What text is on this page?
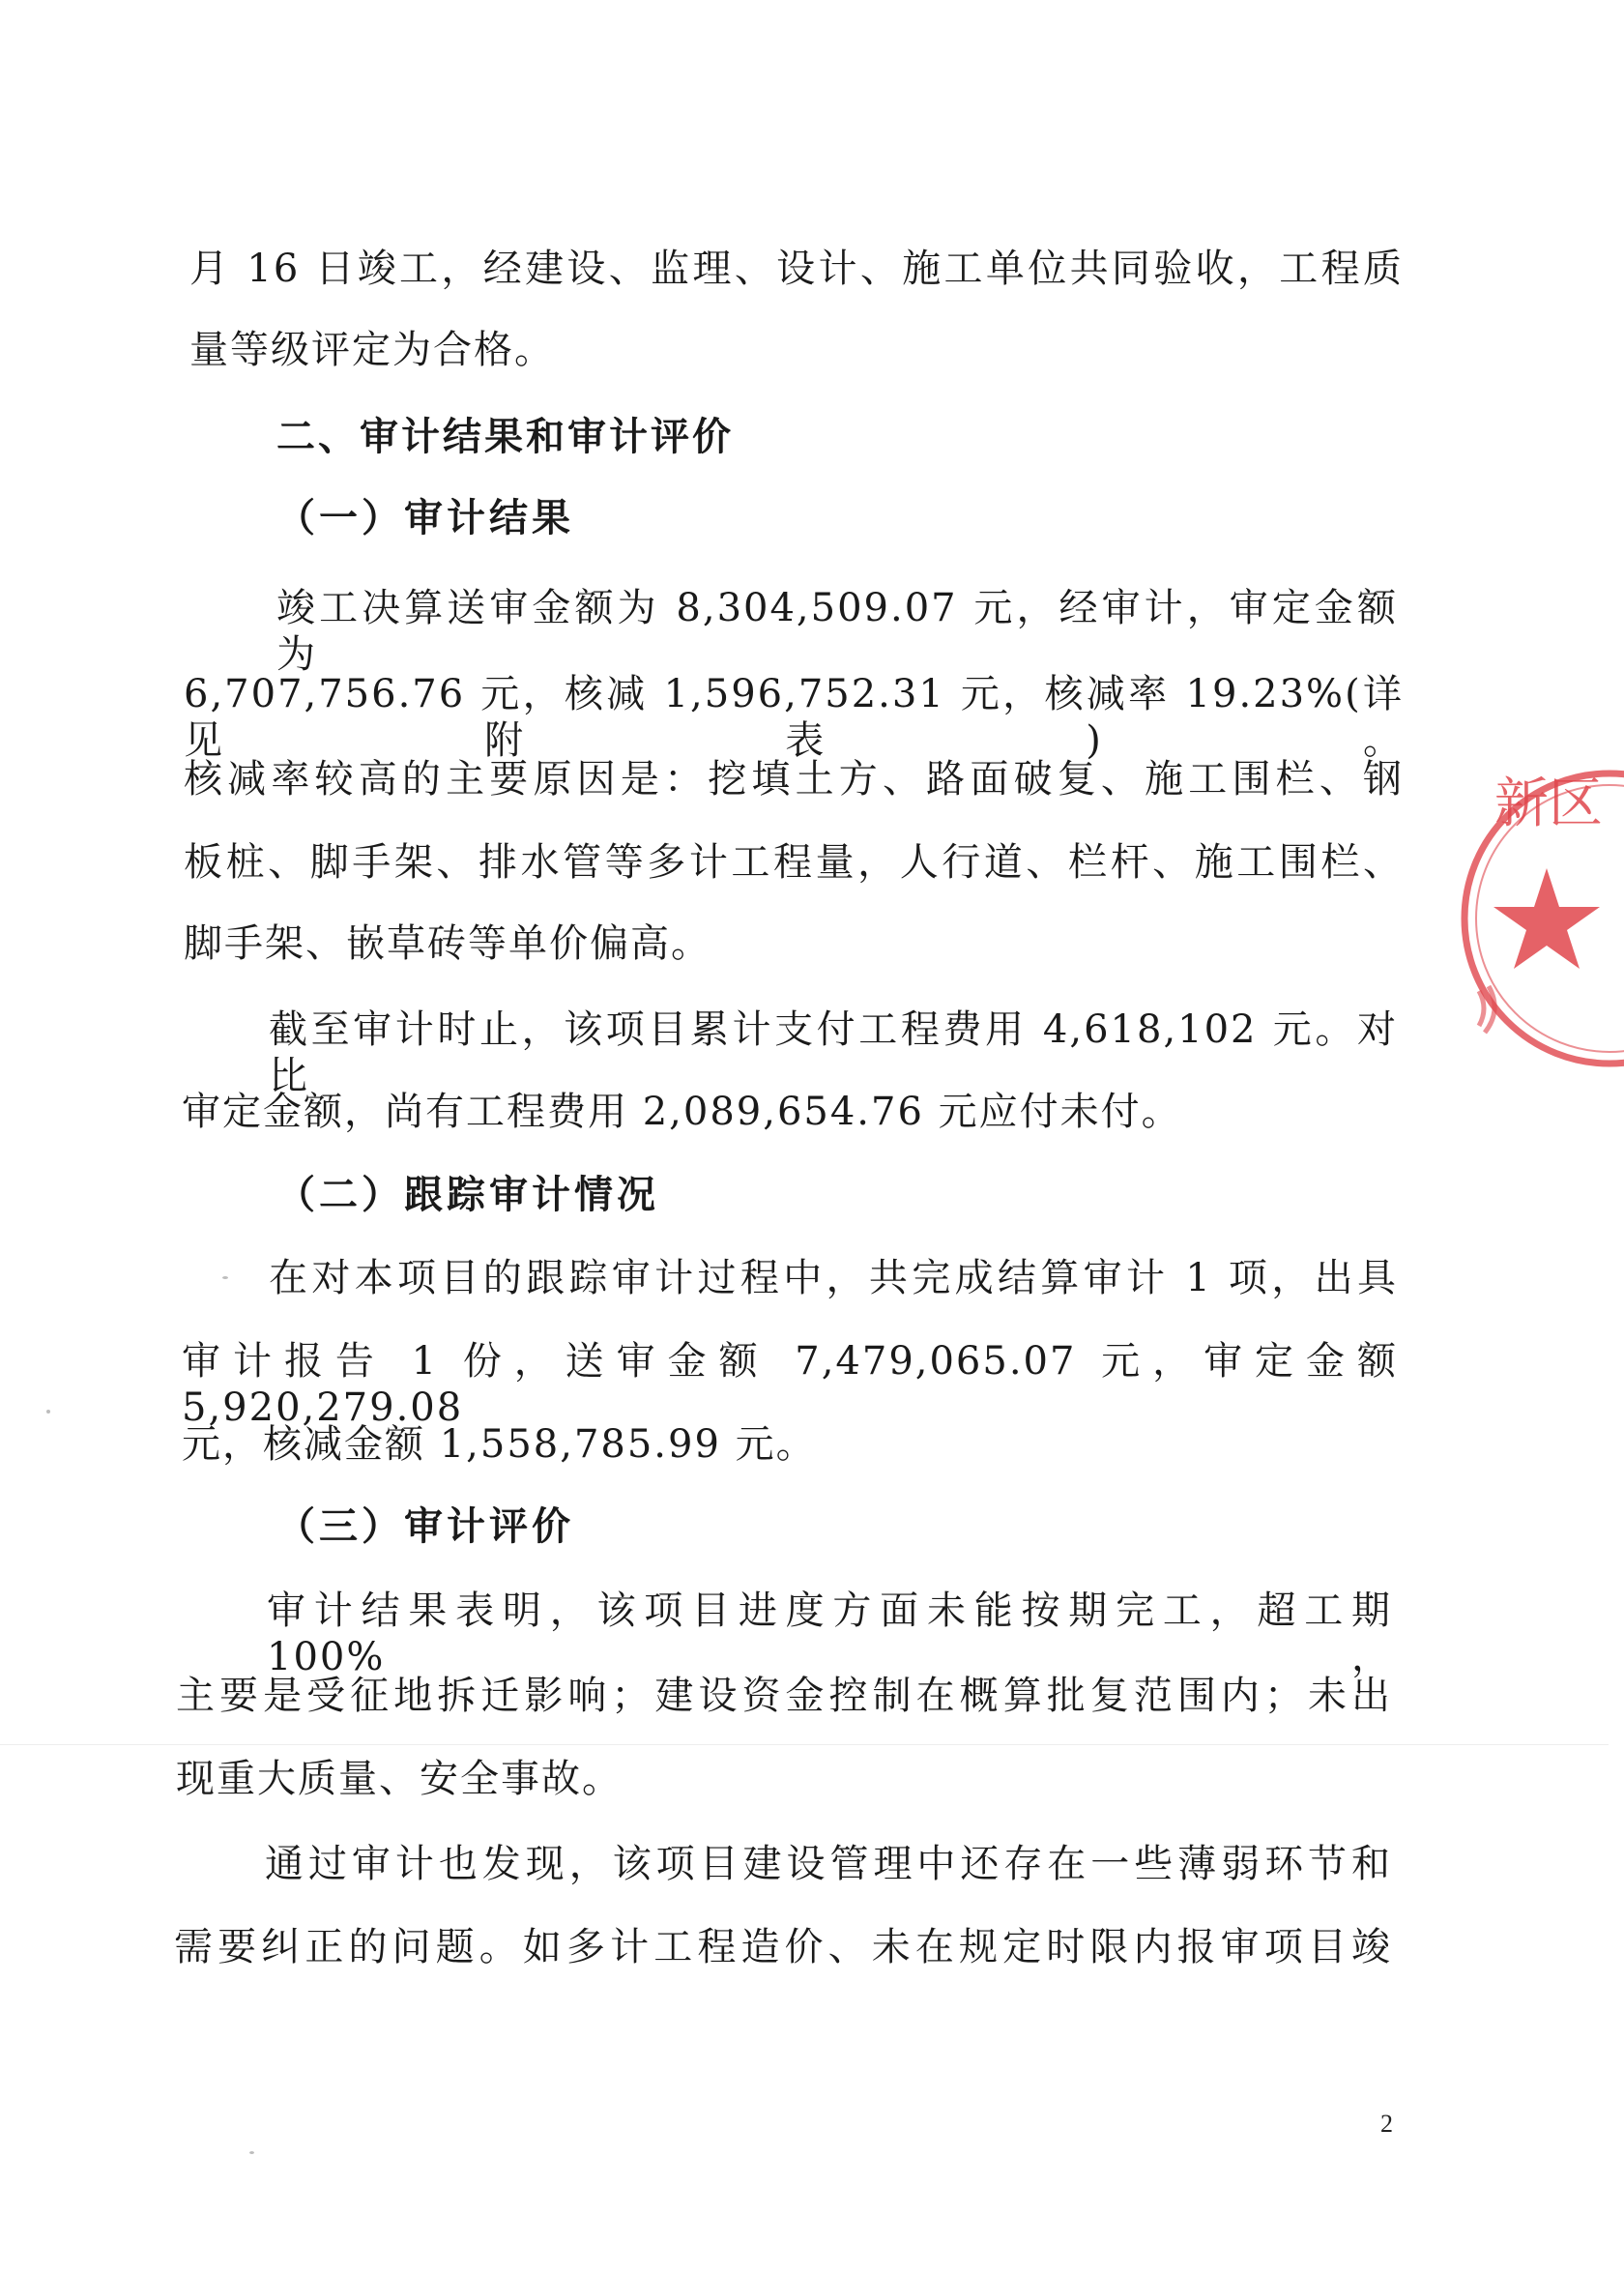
月 16 日竣工，经建设、监理、设计、施工单位共同验收，工程质
量等级评定为合格。
二、审计结果和审计评价
（一）审计结果
竣工决算送审金额为 8,304,509.07 元，经审计，审定金额为
6,707,756.76 元，核减 1,596,752.31 元，核减率 19.23%(详见附表)。
核减率较高的主要原因是：挖填土方、路面破复、施工围栏、钢
板桩、脚手架、排水管等多计工程量，人行道、栏杆、施工围栏、
脚手架、嵌草砖等单价偏高。
截至审计时止，该项目累计支付工程费用 4,618,102 元。对比
审定金额，尚有工程费用 2,089,654.76 元应付未付。
（二）跟踪审计情况
在对本项目的跟踪审计过程中，共完成结算审计 1 项，出具
审计报告 1 份，送审金额 7,479,065.07 元，审定金额 5,920,279.08
元，核减金额 1,558,785.99 元。
（三）审计评价
审计结果表明，该项目进度方面未能按期完工，超工期 100%，
主要是受征地拆迁影响；建设资金控制在概算批复范围内；未出
现重大质量、安全事故。
通过审计也发现，该项目建设管理中还存在一些薄弱环节和
需要纠正的问题。如多计工程造价、未在规定时限内报审项目竣
新区
2
